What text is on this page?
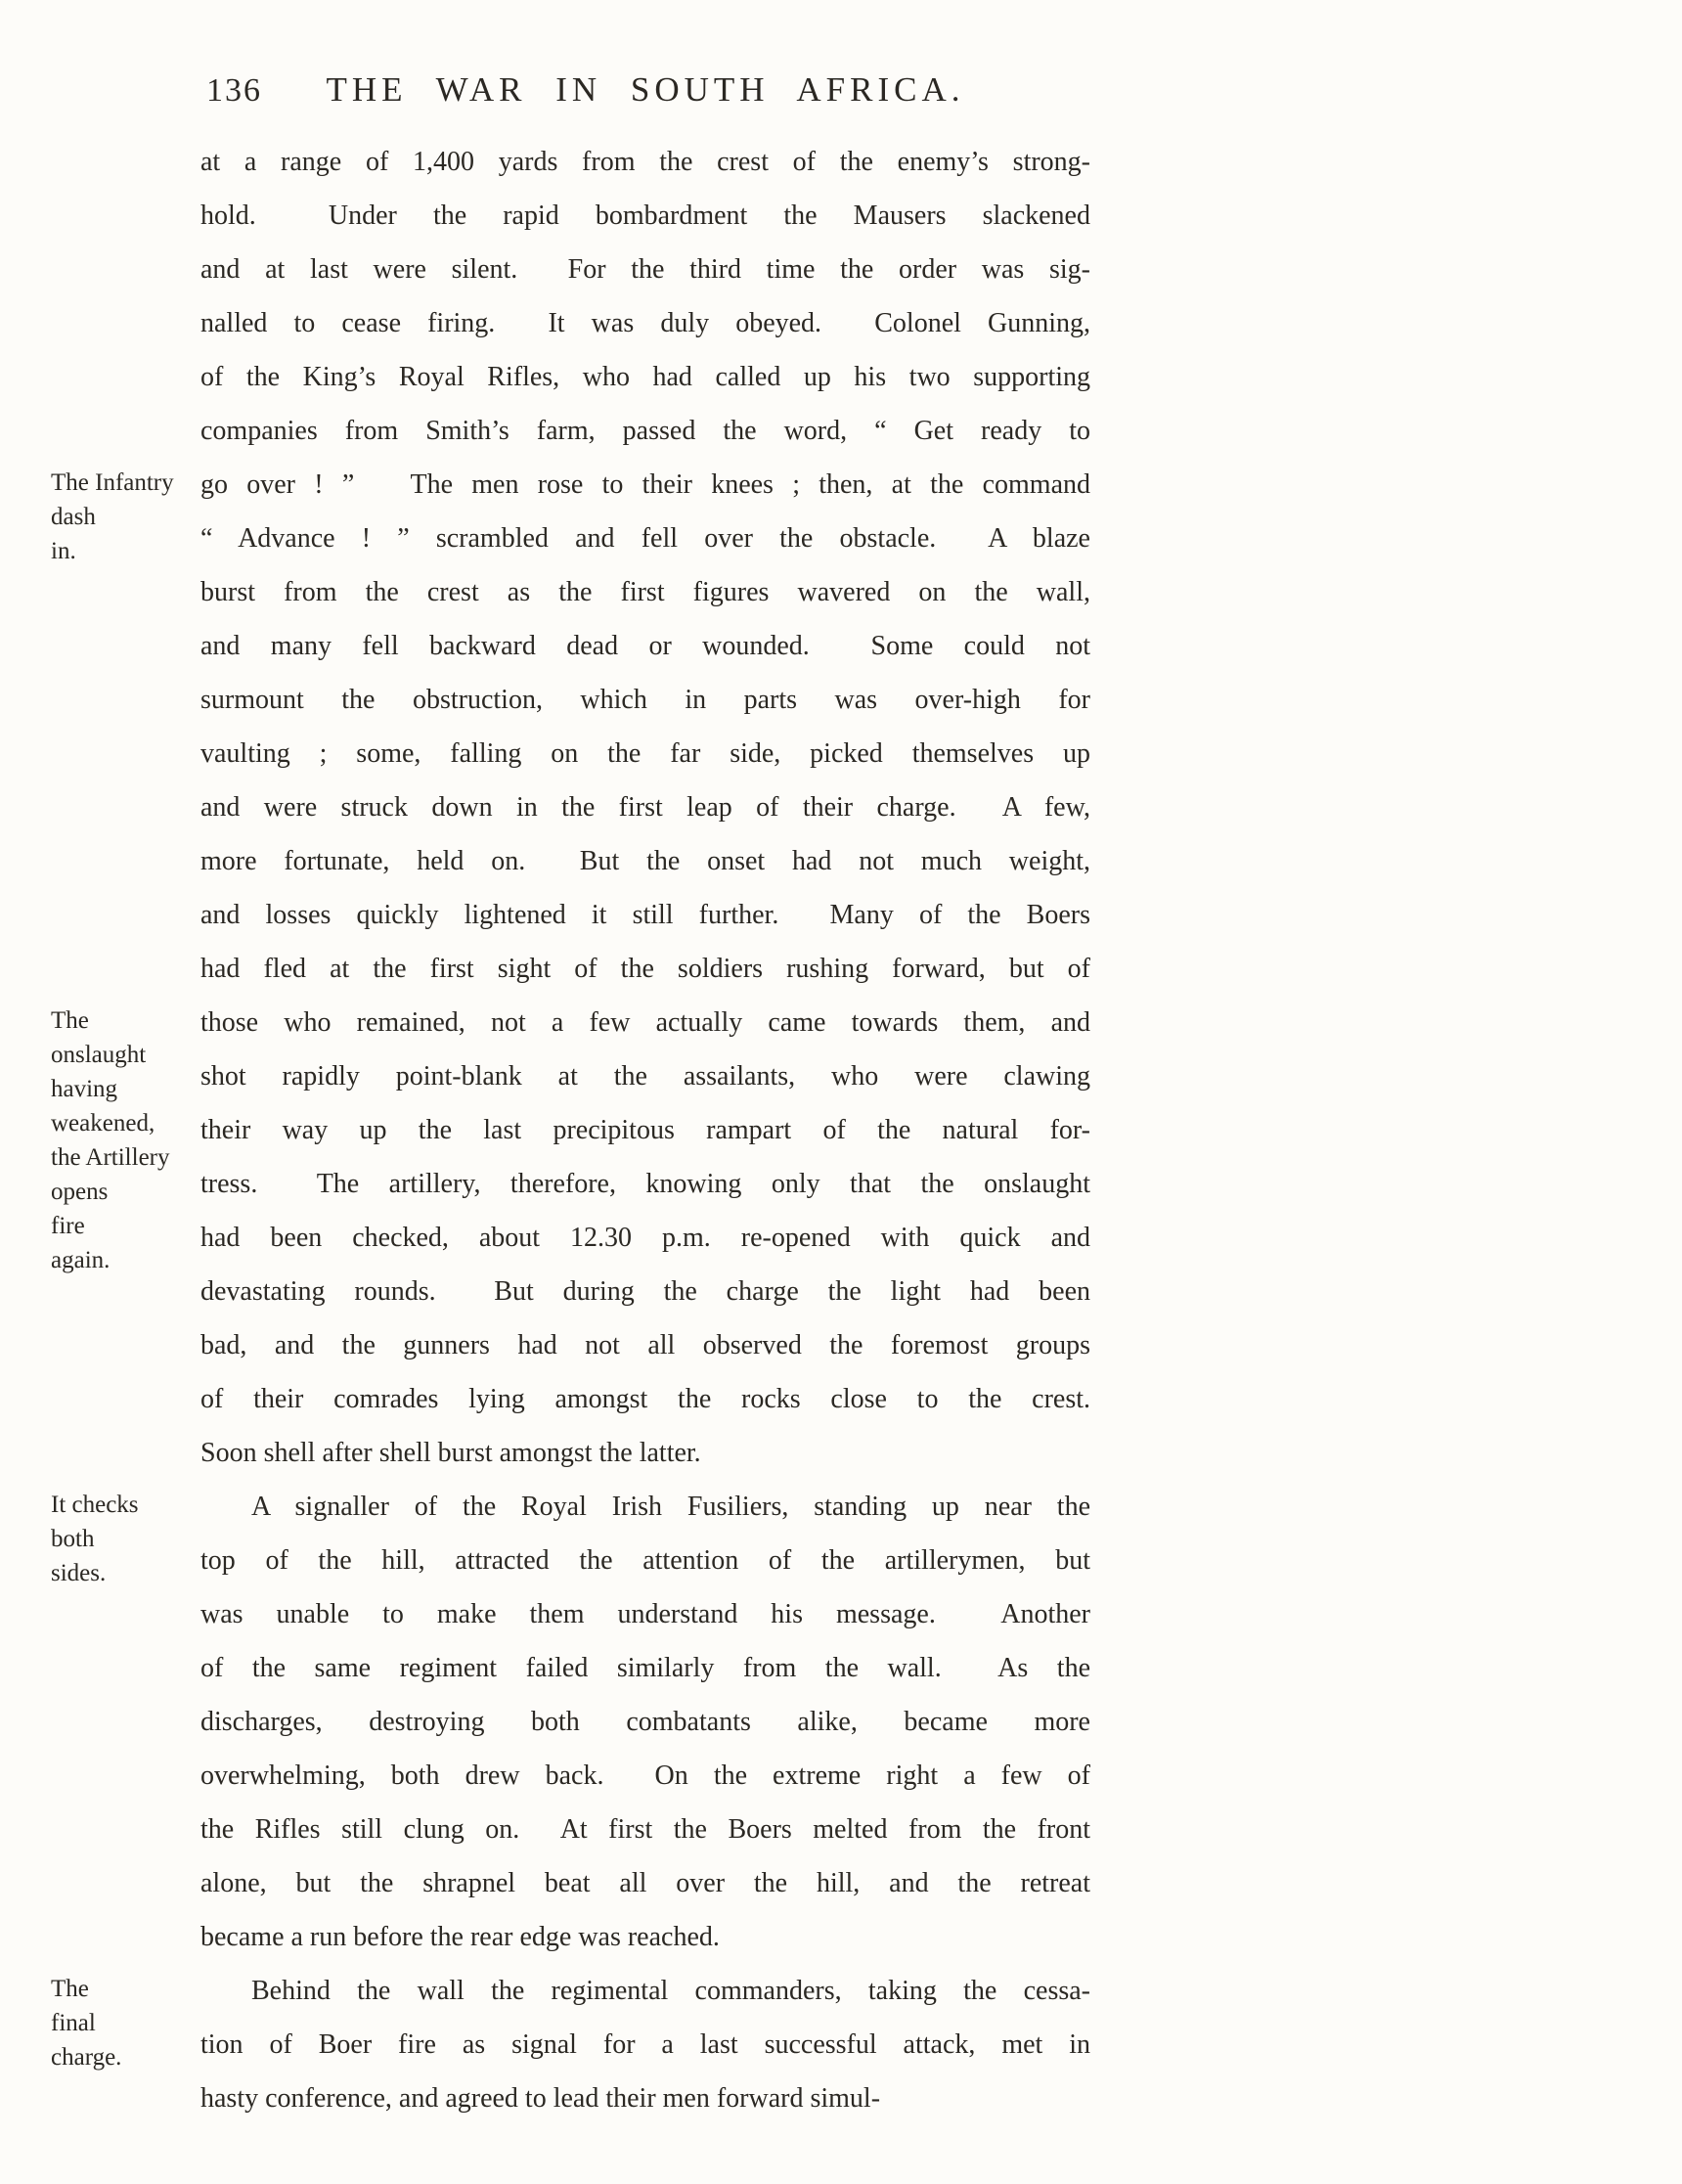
136	THE WAR IN SOUTH AFRICA.
at a range of 1,400 yards from the crest of the enemy’s strong-
hold.  Under the rapid bombardment the Mausers slackened
and at last were silent.  For the third time the order was sig-
nalled to cease firing.  It was duly obeyed.  Colonel Gunning,
of the King’s Royal Rifles, who had called up his two supporting
companies from Smith’s farm, passed the word, “ Get ready to
go over ! ”   The men rose to their knees ; then, at the command
“ Advance ! ” scrambled and fell over the obstacle.  A blaze
burst from the crest as the first figures wavered on the wall,
and many fell backward dead or wounded.  Some could not
surmount the obstruction, which in parts was over-high for
vaulting ; some, falling on the far side, picked themselves up
and were struck down in the first leap of their charge.  A few,
more fortunate, held on.  But the onset had not much weight,
and losses quickly lightened it still further.  Many of the Boers
had fled at the first sight of the soldiers rushing forward, but of
those who remained, not a few actually came towards them, and
shot rapidly point-blank at the assailants, who were clawing
their way up the last precipitous rampart of the natural for-
tress.  The artillery, therefore, knowing only that the onslaught
had been checked, about 12.30 p.m. re-opened with quick and
devastating rounds.  But during the charge the light had been
bad, and the gunners had not all observed the foremost groups
of their comrades lying amongst the rocks close to the crest.
Soon shell after shell burst amongst the latter.
A signaller of the Royal Irish Fusiliers, standing up near the
top of the hill, attracted the attention of the artillerymen, but
was unable to make them understand his message.  Another
of the same regiment failed similarly from the wall.  As the
discharges, destroying both combatants alike, became more
overwhelming, both drew back.  On the extreme right a few of
the Rifles still clung on.  At first the Boers melted from the front
alone, but the shrapnel beat all over the hill, and the retreat
became a run before the rear edge was reached.
Behind the wall the regimental commanders, taking the cessa-
tion of Boer fire as signal for a last successful attack, met in
hasty conference, and agreed to lead their men forward simul-
The Infantry
dash
in.
The
onslaught
having
weakened,
the Artillery
opens
fire
again.
It checks
both
sides.
The
final
charge.
